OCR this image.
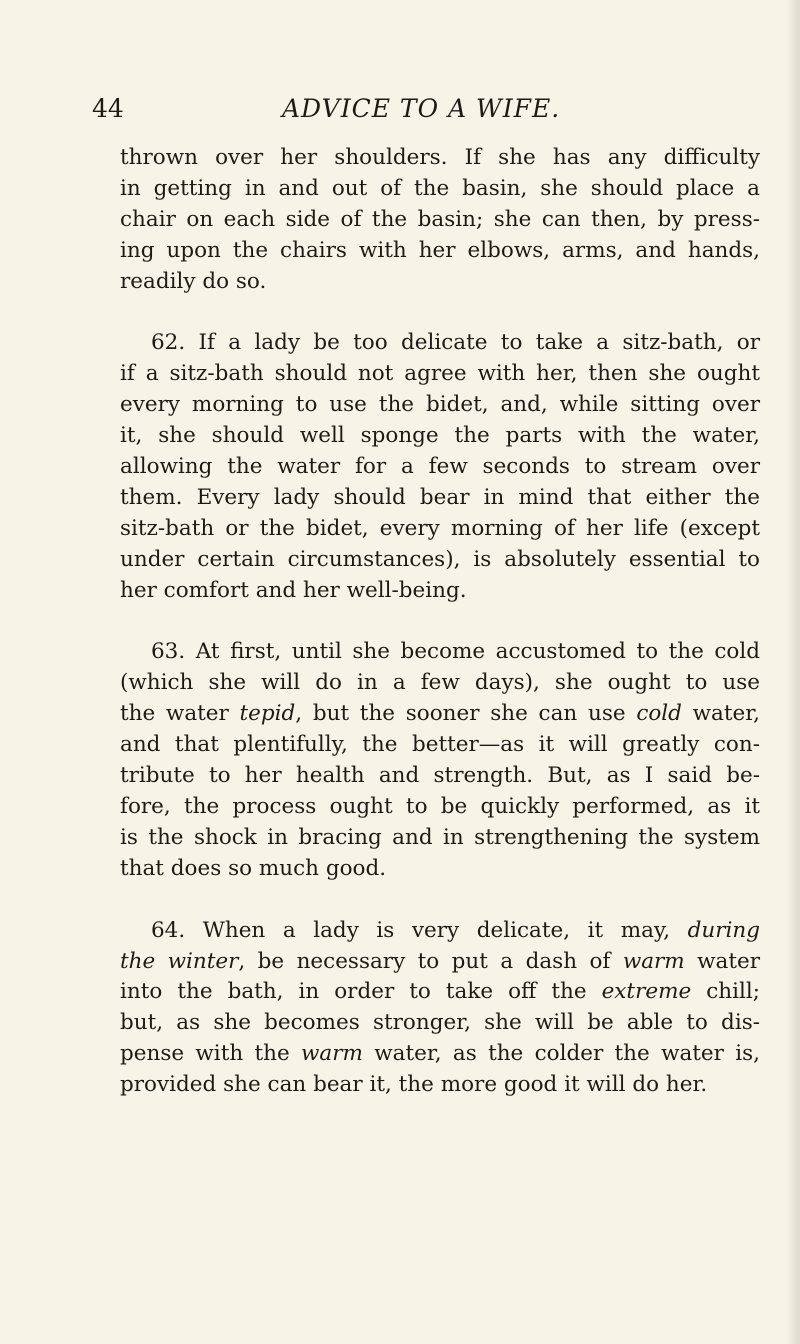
44	ADVICE TO A WIFE.
thrown over her shoulders. If she has any difficulty
in getting in and out of the basin, she should place a
chair on each side of the basin; she can then, by press-
ing upon the chairs with her elbows, arms, and hands,
readily do so.
62. If a lady be too delicate to take a sitz-bath, or
if a sitz-bath should not agree with her, then she ought
every morning to use the bidet, and, while sitting over
it, she should well sponge the parts with the water,
allowing the water for a few seconds to stream over
them. Every lady should bear in mind that either the
sitz-bath or the bidet, every morning of her life (except
under certain circumstances), is absolutely essential to
her comfort and her well-being.
63. At first, until she become accustomed to the cold
(which she will do in a few days), she ought to use
the water tepid, but the sooner she can use cold water,
and that plentifully, the better—as it will greatly con-
tribute to her health and strength. But, as I said be-
fore, the process ought to be quickly performed, as it
is the shock in bracing and in strengthening the system
that does so much good.
64. When a lady is very delicate, it may, during
the winter, be necessary to put a dash of warm water
into the bath, in order to take off the extreme chill;
but, as she becomes stronger, she will be able to dis-
pense with the warm water, as the colder the water is,
provided she can bear it, the more good it will do her.
